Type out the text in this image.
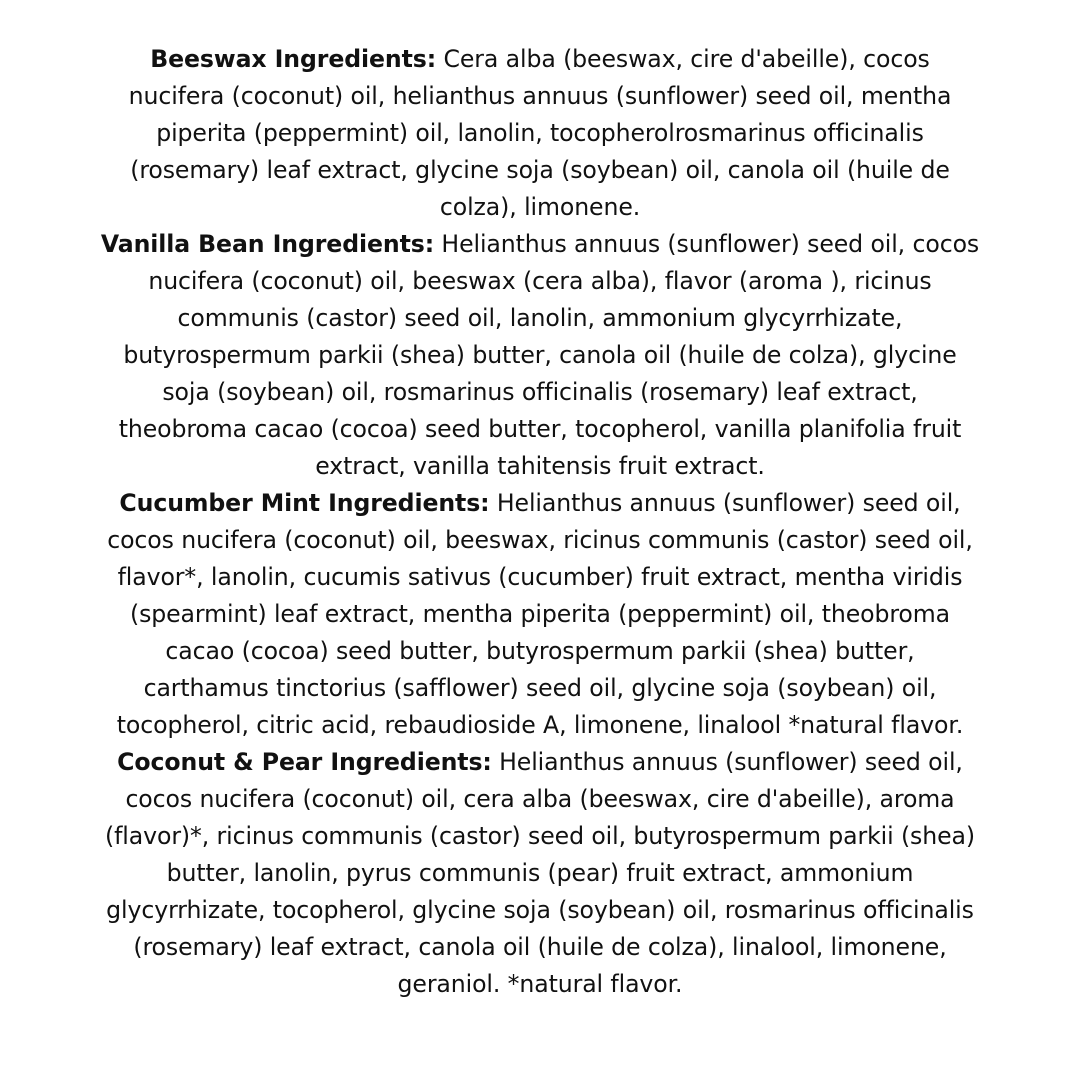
Beeswax Ingredients: Cera alba (beeswax, cire d'abeille), cocos nucifera (coconut) oil, helianthus annuus (sunflower) seed oil, mentha piperita (peppermint) oil, lanolin, tocopherolrosmarinus officinalis (rosemary) leaf extract, glycine soja (soybean) oil, canola oil (huile de colza), limonene.

Vanilla Bean Ingredients: Helianthus annuus (sunflower) seed oil, cocos nucifera (coconut) oil, beeswax (cera alba), flavor (aroma ), ricinus communis (castor) seed oil, lanolin, ammonium glycyrrhizate, butyrospermum parkii (shea) butter, canola oil (huile de colza), glycine soja (soybean) oil, rosmarinus officinalis (rosemary) leaf extract, theobroma cacao (cocoa) seed butter, tocopherol, vanilla planifolia fruit extract, vanilla tahitensis fruit extract.

Cucumber Mint Ingredients: Helianthus annuus (sunflower) seed oil, cocos nucifera (coconut) oil, beeswax, ricinus communis (castor) seed oil, flavor*, lanolin, cucumis sativus (cucumber) fruit extract, mentha viridis (spearmint) leaf extract, mentha piperita (peppermint) oil, theobroma cacao (cocoa) seed butter, butyrospermum parkii (shea) butter, carthamus tinctorius (safflower) seed oil, glycine soja (soybean) oil, tocopherol, citric acid, rebaudioside A, limonene, linalool *natural flavor.

Coconut & Pear Ingredients: Helianthus annuus (sunflower) seed oil, cocos nucifera (coconut) oil, cera alba (beeswax, cire d'abeille), aroma (flavor)*, ricinus communis (castor) seed oil, butyrospermum parkii (shea) butter, lanolin, pyrus communis (pear) fruit extract, ammonium glycyrrhizate, tocopherol, glycine soja (soybean) oil, rosmarinus officinalis (rosemary) leaf extract, canola oil (huile de colza), linalool, limonene, geraniol. *natural flavor.
